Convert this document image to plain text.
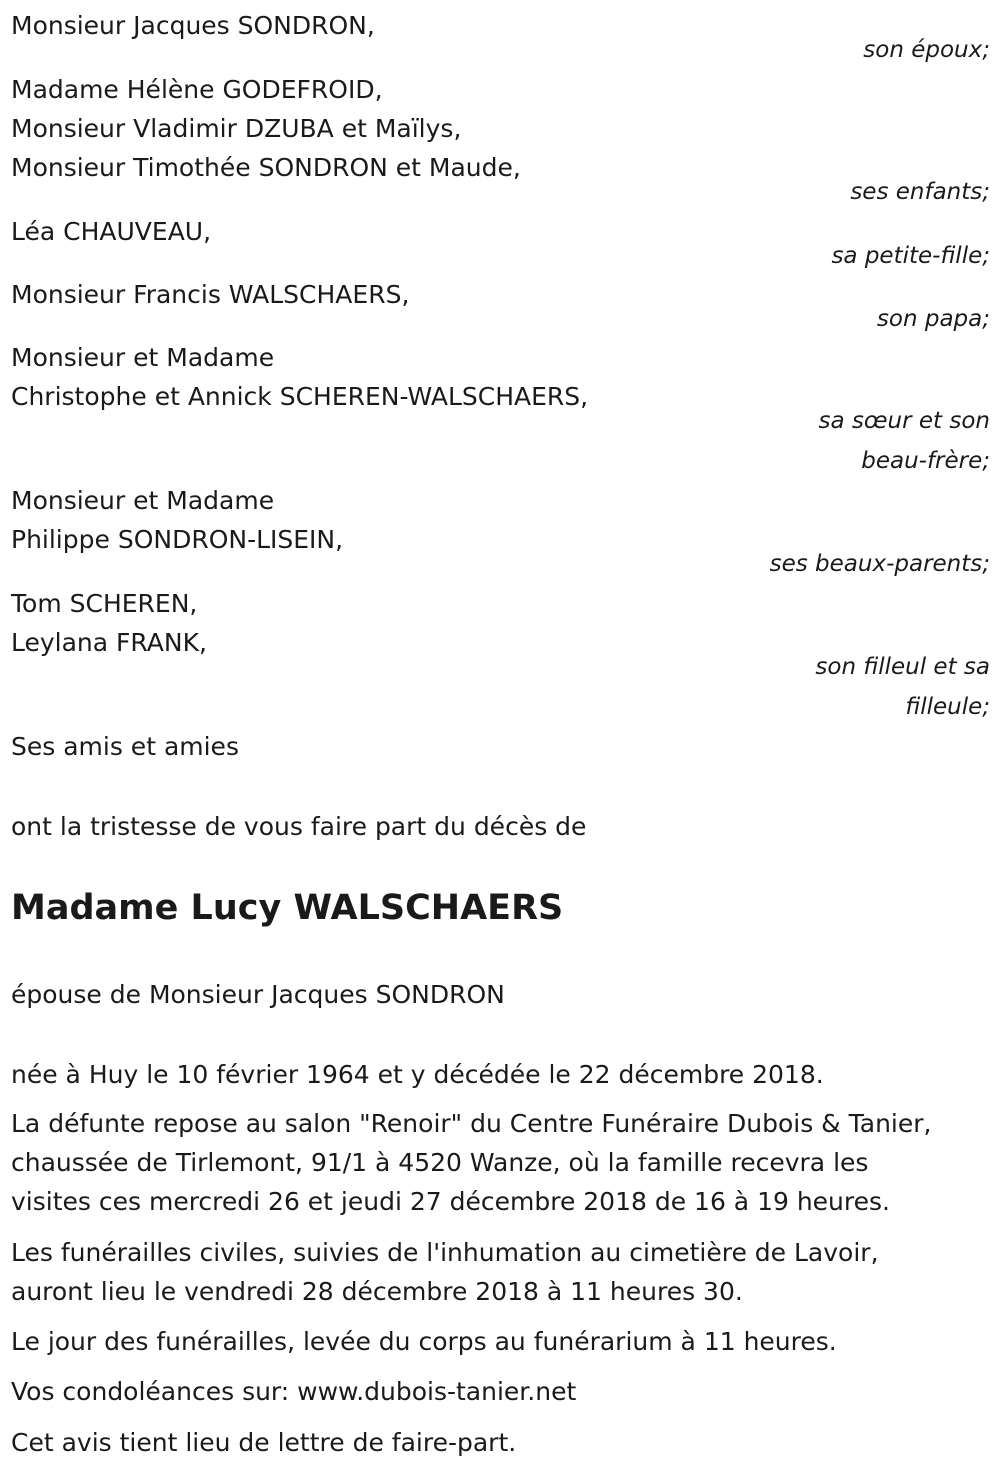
Monsieur Jacques SONDRON,
son époux;
Madame Hélène GODEFROID,
Monsieur Vladimir DZUBA et Maïlys,
Monsieur Timothée SONDRON et Maude,
ses enfants;
Léa CHAUVEAU,
sa petite-fille;
Monsieur Francis WALSCHAERS,
son papa;
Monsieur et Madame
Christophe et Annick SCHEREN-WALSCHAERS,
sa sœur et son
beau-frère;
Monsieur et Madame
Philippe SONDRON-LISEIN,
ses beaux-parents;
Tom SCHEREN,
Leylana FRANK,
son filleul et sa
filleule;
Ses amis et amies
ont la tristesse de vous faire part du décès de
Madame Lucy WALSCHAERS
épouse de Monsieur Jacques SONDRON
née à Huy le 10 février 1964 et y décédée le 22 décembre 2018.
La défunte repose au salon "Renoir" du Centre Funéraire Dubois & Tanier,
chaussée de Tirlemont, 91/1 à 4520 Wanze, où la famille recevra les
visites ces mercredi 26 et jeudi 27 décembre 2018 de 16 à 19 heures.
Les funérailles civiles, suivies de l'inhumation au cimetière de Lavoir,
auront lieu le vendredi 28 décembre 2018 à 11 heures 30.
Le jour des funérailles, levée du corps au funérarium à 11 heures.
Vos condoléances sur: www.dubois-tanier.net
Cet avis tient lieu de lettre de faire-part.
